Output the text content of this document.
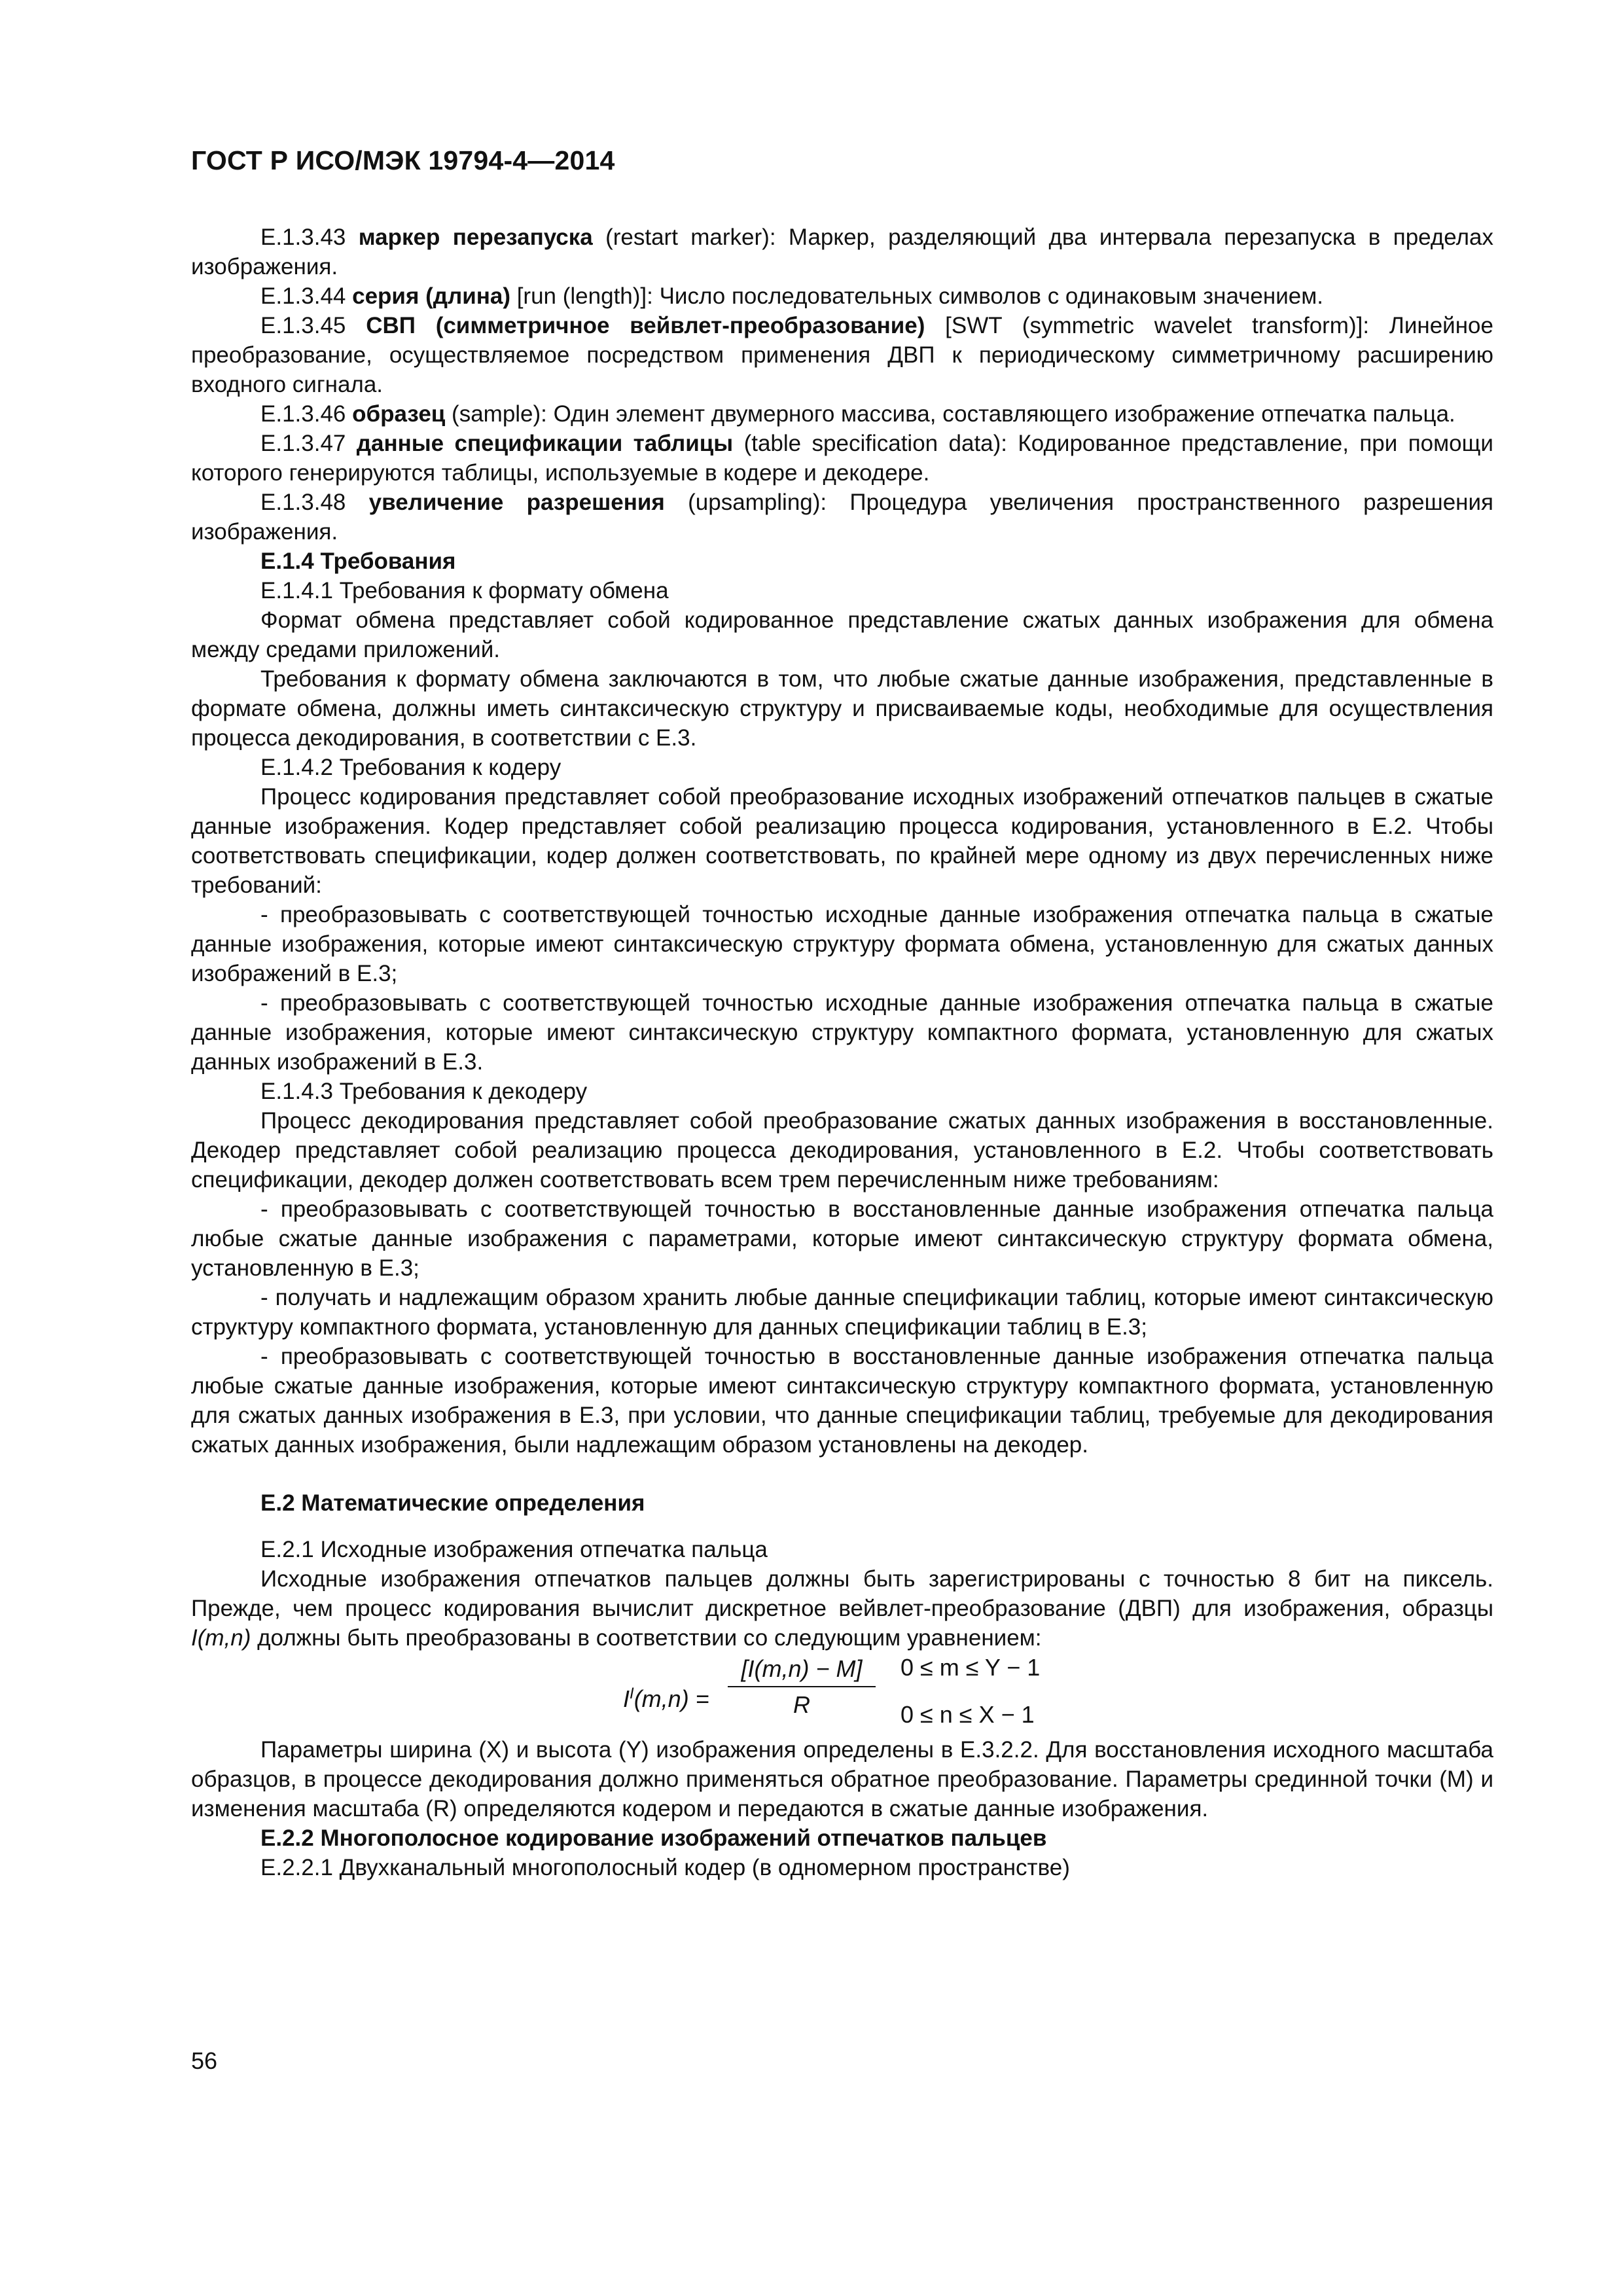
ГОСТ Р ИСО/МЭК 19794-4—2014

E.1.3.43 маркер перезапуска (restart marker): Маркер, разделяющий два интервала перезапуска в пределах изображения.

E.1.3.44 серия (длина) [run (length)]: Число последовательных символов с одинаковым значением.

E.1.3.45 СВП (симметричное вейвлет-преобразование) [SWT (symmetric wavelet transform)]: Линейное преобразование, осуществляемое посредством применения ДВП к периодическому симметричному расширению входного сигнала.

E.1.3.46 образец (sample): Один элемент двумерного массива, составляющего изображение отпечатка пальца.

E.1.3.47 данные спецификации таблицы (table specification data): Кодированное представление, при помощи которого генерируются таблицы, используемые в кодере и декодере.

E.1.3.48 увеличение разрешения (upsampling): Процедура увеличения пространственного разрешения изображения.

E.1.4 Требования

E.1.4.1 Требования к формату обмена

Формат обмена представляет собой кодированное представление сжатых данных изображения для обмена между средами приложений.

Требования к формату обмена заключаются в том, что любые сжатые данные изображения, представленные в формате обмена, должны иметь синтаксическую структуру и присваиваемые коды, необходимые для осуществления процесса декодирования, в соответствии с E.3.

E.1.4.2 Требования к кодеру

Процесс кодирования представляет собой преобразование исходных изображений отпечатков пальцев в сжатые данные изображения. Кодер представляет собой реализацию процесса кодирования, установленного в E.2. Чтобы соответствовать спецификации, кодер должен соответствовать, по крайней мере одному из двух перечисленных ниже требований:

- преобразовывать с соответствующей точностью исходные данные изображения отпечатка пальца в сжатые данные изображения, которые имеют синтаксическую структуру формата обмена, установленную для сжатых данных изображений в E.3;

- преобразовывать с соответствующей точностью исходные данные изображения отпечатка пальца в сжатые данные изображения, которые имеют синтаксическую структуру компактного формата, установленную для сжатых данных изображений в E.3.

E.1.4.3 Требования к декодеру

Процесс декодирования представляет собой преобразование сжатых данных изображения в восстановленные. Декодер представляет собой реализацию процесса декодирования, установленного в E.2. Чтобы соответствовать спецификации, декодер должен соответствовать всем трем перечисленным ниже требованиям:

- преобразовывать с соответствующей точностью в восстановленные данные изображения отпечатка пальца любые сжатые данные изображения с параметрами, которые имеют синтаксическую структуру формата обмена, установленную в E.3;

- получать и надлежащим образом хранить любые данные спецификации таблиц, которые имеют синтаксическую структуру компактного формата, установленную для данных спецификации таблиц в E.3;

- преобразовывать с соответствующей точностью в восстановленные данные изображения отпечатка пальца любые сжатые данные изображения, которые имеют синтаксическую структуру компактного формата, установленную для сжатых данных изображения в E.3, при условии, что данные спецификации таблиц, требуемые для декодирования сжатых данных изображения, были надлежащим образом установлены на декодер.

E.2 Математические определения

E.2.1 Исходные изображения отпечатка пальца

Исходные изображения отпечатков пальцев должны быть зарегистрированы с точностью 8 бит на пиксель. Прежде, чем процесс кодирования вычислит дискретное вейвлет-преобразование (ДВП) для изображения, образцы I(m,n) должны быть преобразованы в соответствии со следующим уравнением:

$I^I(m,n) = \frac{[I(m,n) - M]}{R} 0 \le m \le Y - 1$
0 ≤ n ≤ X − 1

Параметры ширина (X) и высота (Y) изображения определены в E.3.2.2. Для восстановления исходного масштаба образцов, в процессе декодирования должно применяться обратное преобразование. Параметры срединной точки (M) и изменения масштаба (R) определяются кодером и передаются в сжатые данные изображения.

E.2.2 Многополосное кодирование изображений отпечатков пальцев

E.2.2.1 Двухканальный многополосный кодер (в одномерном пространстве)

56
